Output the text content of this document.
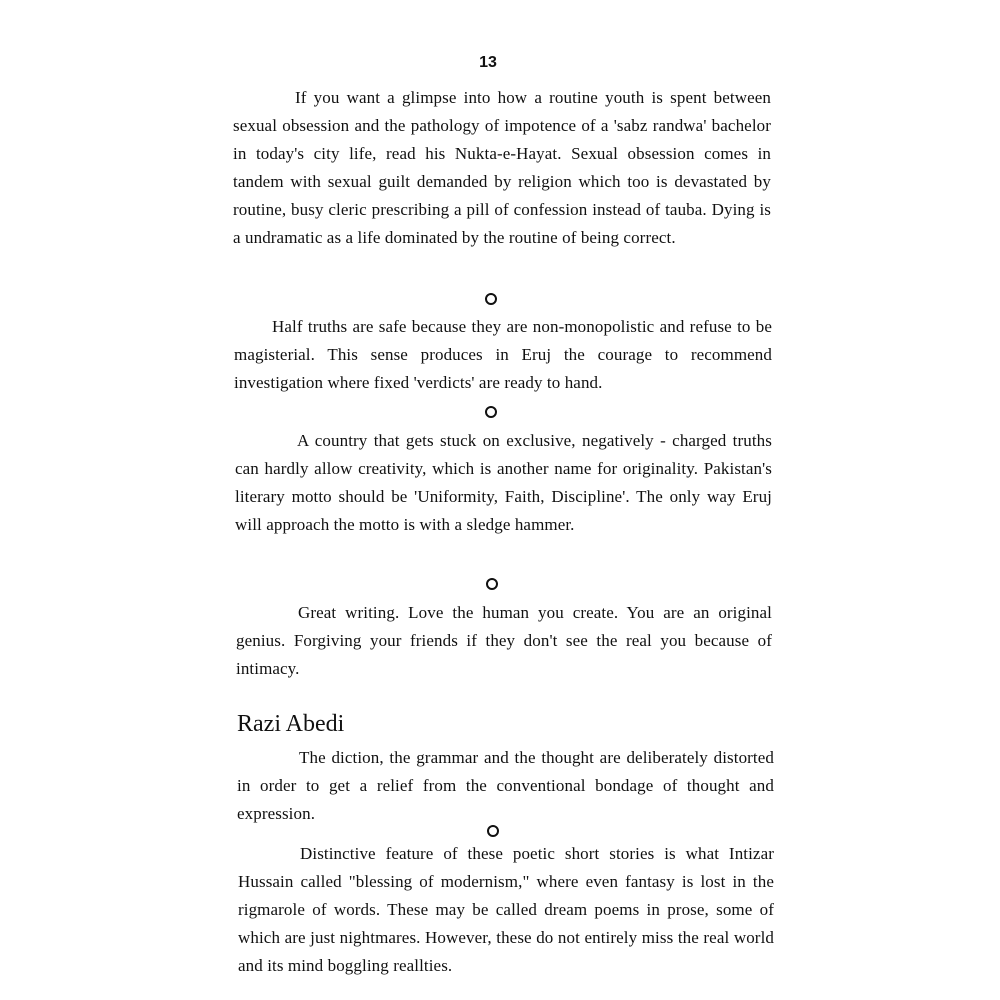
13

If you want a glimpse into how a routine youth is spent between sexual obsession and the pathology of impotence of a 'sabz randwa' bachelor in today's city life, read his Nukta-e-Hayat. Sexual obsession comes in tandem with sexual guilt demanded by religion which too is devastated by routine, busy cleric prescribing a pill of confession instead of tauba. Dying is a undramatic as a life dominated by the routine of being correct.

Half truths are safe because they are non-monopolistic and refuse to be magisterial. This sense produces in Eruj the courage to recommend investigation where fixed 'verdicts' are ready to hand.

A country that gets stuck on exclusive, negatively - charged truths can hardly allow creativity, which is another name for originality. Pakistan's literary motto should be 'Uniformity, Faith, Discipline'. The only way Eruj will approach the motto is with a sledge hammer.

Great writing. Love the human you create. You are an original genius. Forgiving your friends if they don't see the real you because of intimacy.

Razi Abedi

The diction, the grammar and the thought are deliberately distorted in order to get a relief from the conventional bondage of thought and expression.

Distinctive feature of these poetic short stories is what Intizar Hussain called "blessing of modernism," where even fantasy is lost in the rigmarole of words. These may be called dream poems in prose, some of which are just nightmares. However, these do not entirely miss the real world and its mind boggling reallties.
